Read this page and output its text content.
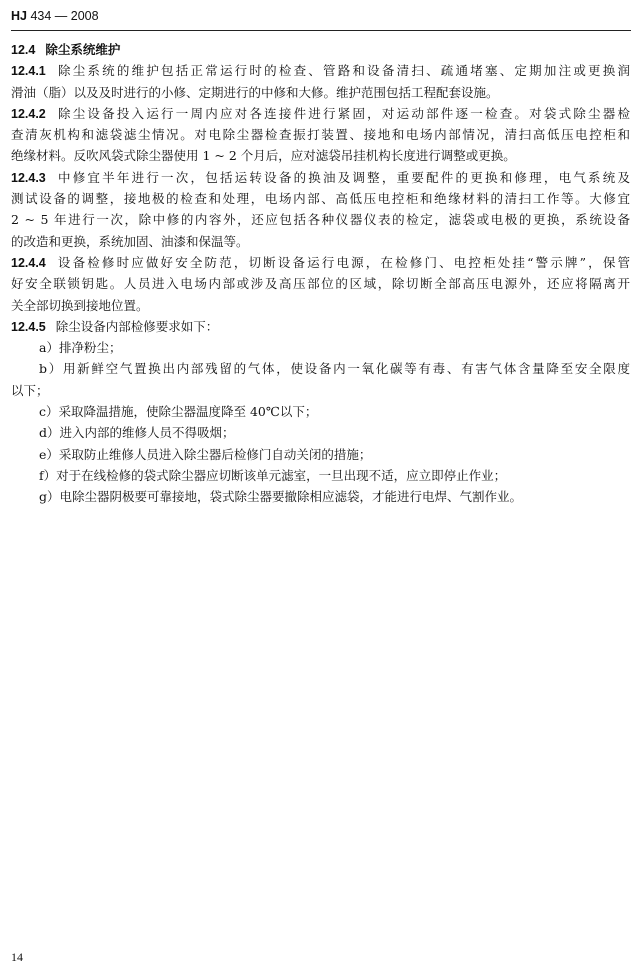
HJ 434 — 2008
12.4 除尘系统维护
12.4.1 除尘系统的维护包括正常运行时的检查、管路和设备清扫、疏通堵塞、定期加注或更换润
滑油（脂）以及及时进行的小修、定期进行的中修和大修。维护范围包括工程配套设施。
12.4.2 除尘设备投入运行一周内应对各连接件进行紧固，对运动部件逐一检查。对袋式除尘器检
查清灰机构和滤袋滤尘情况。对电除尘器检查振打装置、接地和电场内部情况，清扫高低压电控柜和
绝缘材料。反吹风袋式除尘器使用 1 ~ 2 个月后，应对滤袋吊挂机构长度进行调整或更换。
12.4.3 中修宜半年进行一次，包括运转设备的换油及调整，重要配件的更换和修理，电气系统及
测试设备的调整，接地极的检查和处理，电场内部、高低压电控柜和绝缘材料的清扫工作等。大修宜
2 ~ 5 年进行一次，除中修的内容外，还应包括各种仪器仪表的检定，滤袋或电极的更换，系统设备
的改造和更换，系统加固、油漆和保温等。
12.4.4 设备检修时应做好安全防范，切断设备运行电源，在检修门、电控柜处挂“警示牌”，保管
好安全联锁钥匙。人员进入电场内部或涉及高压部位的区域，除切断全部高压电源外，还应将隔离开
关全部切换到接地位置。
12.4.5 除尘设备内部检修要求如下：
a）排净粉尘；
b）用新鲜空气置换出内部残留的气体，使设备内一氧化碳等有毒、有害气体含量降至安全限度
以下；
c）采取降温措施，使除尘器温度降至 40℃以下；
d）进入内部的维修人员不得吸烟；
e）采取防止维修人员进入除尘器后检修门自动关闭的措施；
f）对于在线检修的袋式除尘器应切断该单元滤室，一旦出现不适，应立即停止作业；
g）电除尘器阴极要可靠接地，袋式除尘器要撤除相应滤袋，才能进行电焊、气割作业。
14
